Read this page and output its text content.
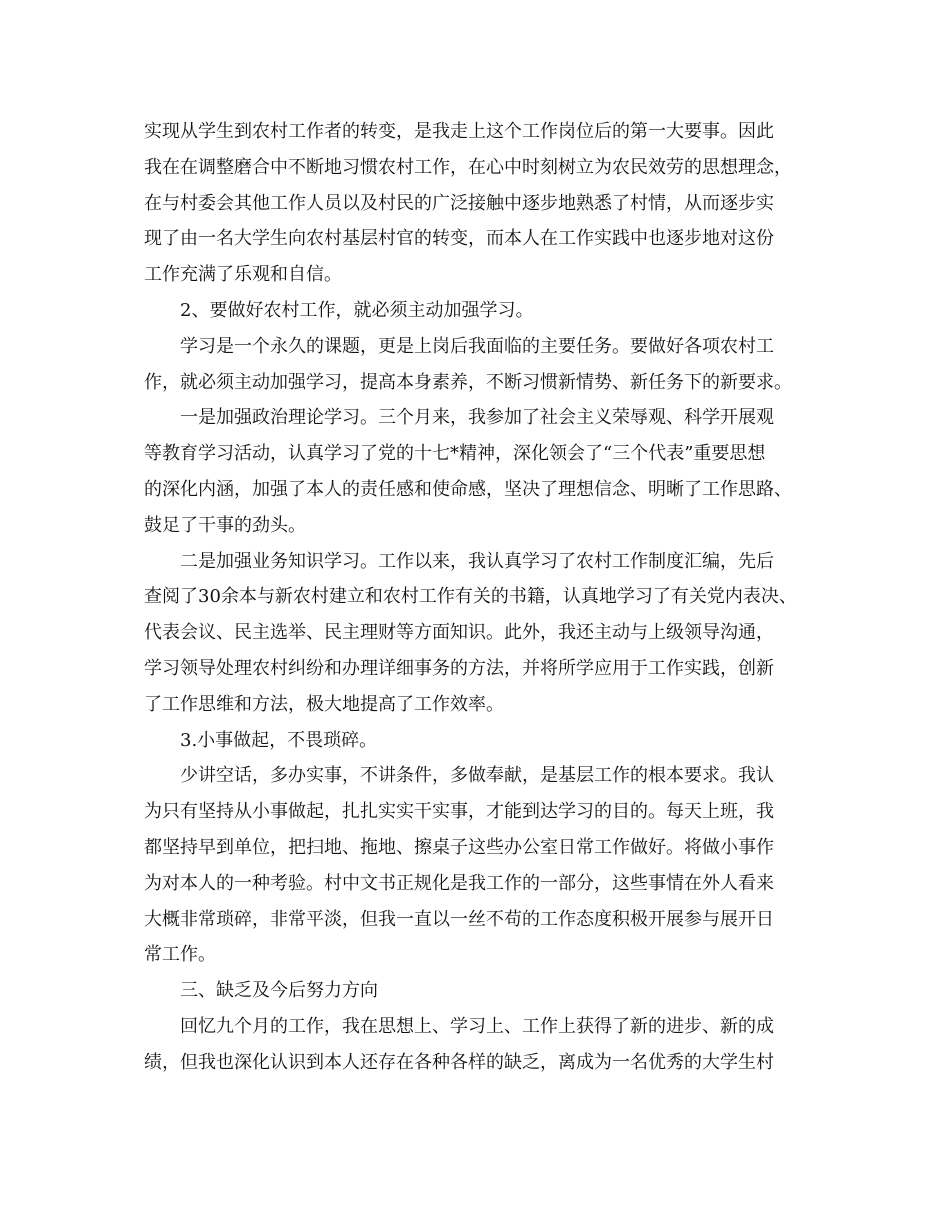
实现从学生到农村工作者的转变，是我走上这个工作岗位后的第一大要事。因此
我在在调整磨合中不断地习惯农村工作，在心中时刻树立为农民效劳的思想理念，
在与村委会其他工作人员以及村民的广泛接触中逐步地熟悉了村情，从而逐步实
现了由一名大学生向农村基层村官的转变，而本人在工作实践中也逐步地对这份
工作充满了乐观和自信。
2、要做好农村工作，就必须主动加强学习。
学习是一个永久的课题，更是上岗后我面临的主要任务。要做好各项农村工
作，就必须主动加强学习，提高本身素养，不断习惯新情势、新任务下的新要求。
一是加强政治理论学习。三个月来，我参加了社会主义荣辱观、科学开展观
等教育学习活动，认真学习了党的十七*精神，深化领会了“三个代表”重要思想
的深化内涵，加强了本人的责任感和使命感，坚决了理想信念、明晰了工作思路、
鼓足了干事的劲头。
二是加强业务知识学习。工作以来，我认真学习了农村工作制度汇编，先后
查阅了30余本与新农村建立和农村工作有关的书籍，认真地学习了有关党内表决、
代表会议、民主选举、民主理财等方面知识。此外，我还主动与上级领导沟通，
学习领导处理农村纠纷和办理详细事务的方法，并将所学应用于工作实践，创新
了工作思维和方法，极大地提高了工作效率。
3.小事做起，不畏琐碎。
少讲空话，多办实事，不讲条件，多做奉献，是基层工作的根本要求。我认
为只有坚持从小事做起，扎扎实实干实事，才能到达学习的目的。每天上班，我
都坚持早到单位，把扫地、拖地、擦桌子这些办公室日常工作做好。将做小事作
为对本人的一种考验。村中文书正规化是我工作的一部分，这些事情在外人看来
大概非常琐碎，非常平淡，但我一直以一丝不苟的工作态度积极开展参与展开日
常工作。
三、缺乏及今后努力方向
回忆九个月的工作，我在思想上、学习上、工作上获得了新的进步、新的成
绩，但我也深化认识到本人还存在各种各样的缺乏，离成为一名优秀的大学生村
